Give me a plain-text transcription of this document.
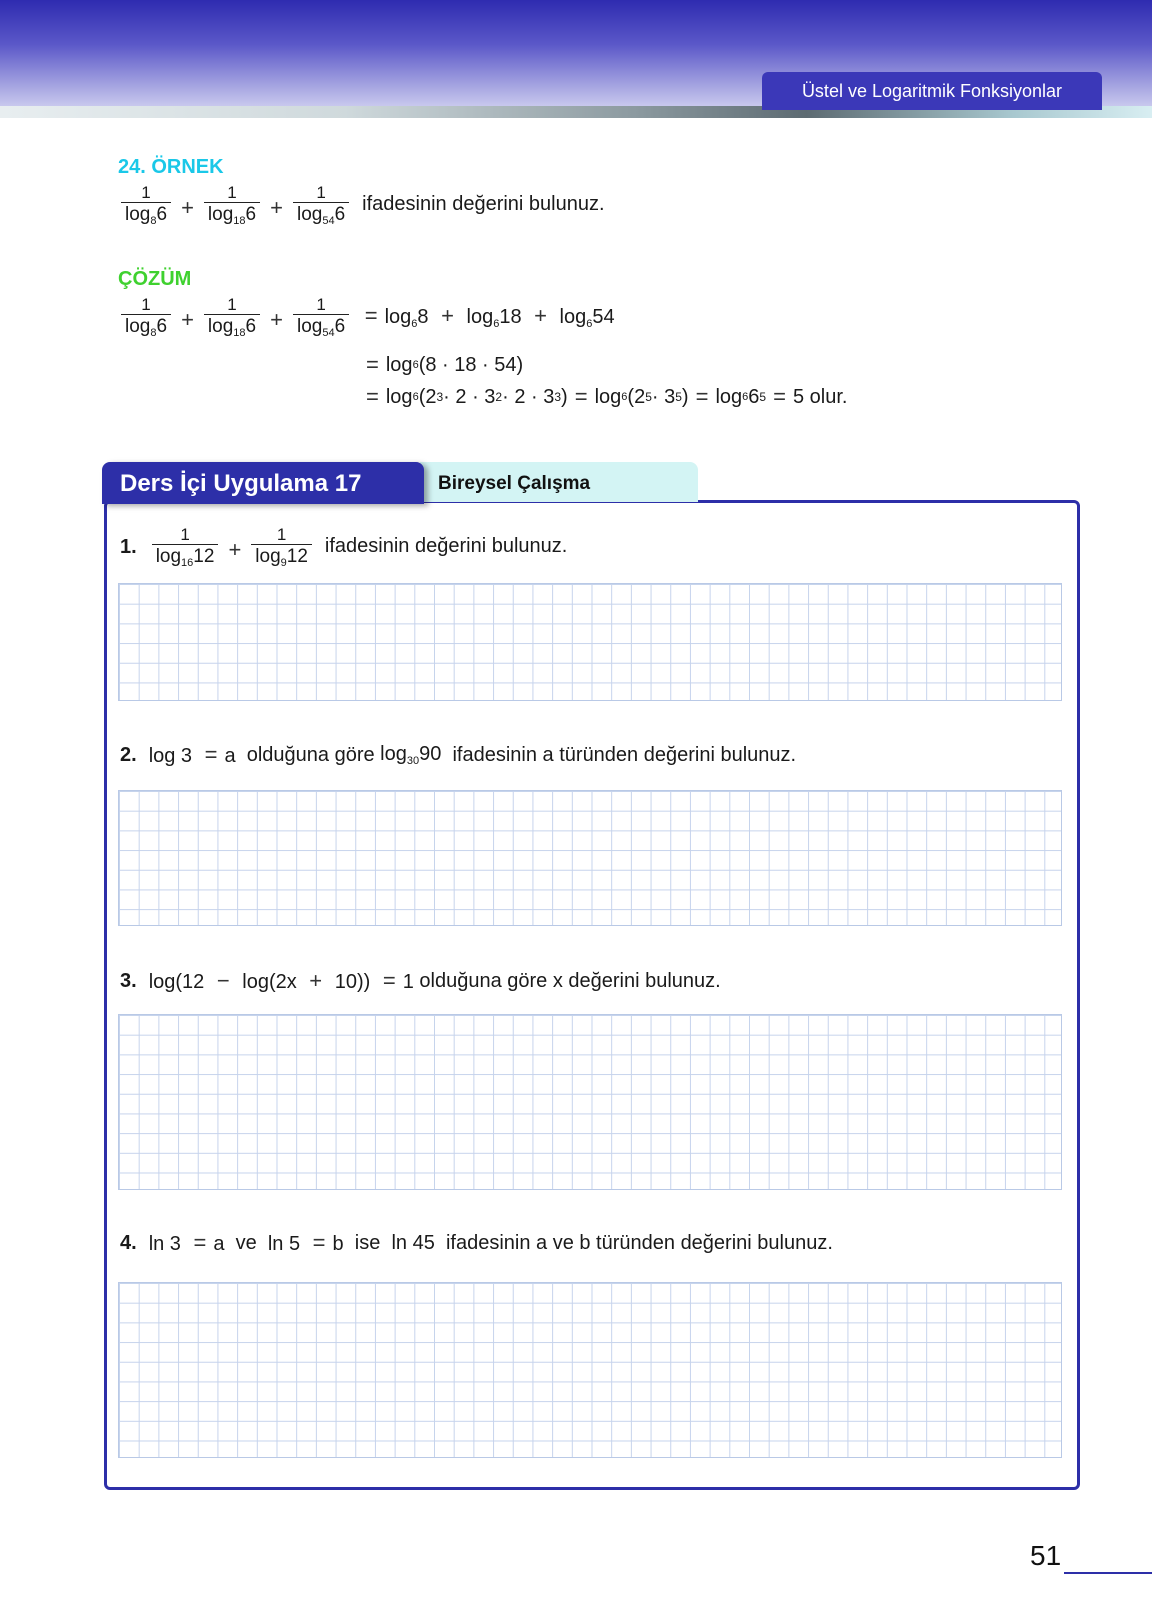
Üstel ve Logaritmik Fonksiyonlar
24. ÖRNEK
$\frac{1}{\log_86} + \frac{1}{\log_{18}6} + \frac{1}{\log_{54}6}$ ifadesinin değerini bulunuz.
ÇÖZÜM
$\frac{1}{\log_86} + \frac{1}{\log_{18}6} + \frac{1}{\log_{54}6} = \log_68 + \log_618 + \log_654$
= log 6 (8 · 18 · 54)
= log 6 (2 3 · 2 · 3 2 · 2 · 3 3 ) = log 6 (2 5 · 3 5 ) = log 6 6 5 = 5 olur.
Ders İçi Uygulama 17	Bireysel Çalışma
1. $\frac{1}{\log_{16}12} + \frac{1}{\log_912}$ ifadesinin değerini bulunuz.
2. log 3 = a olduğuna göre $\log_{30}90$ ifadesinin a türünden değerini bulunuz.
3. log(12 − log(2x + 10)) = 1 olduğuna göre x değerini bulunuz.
4. ln 3 = a ve ln 5 = b ise ln 45 ifadesinin a ve b türünden değerini bulunuz.
51
